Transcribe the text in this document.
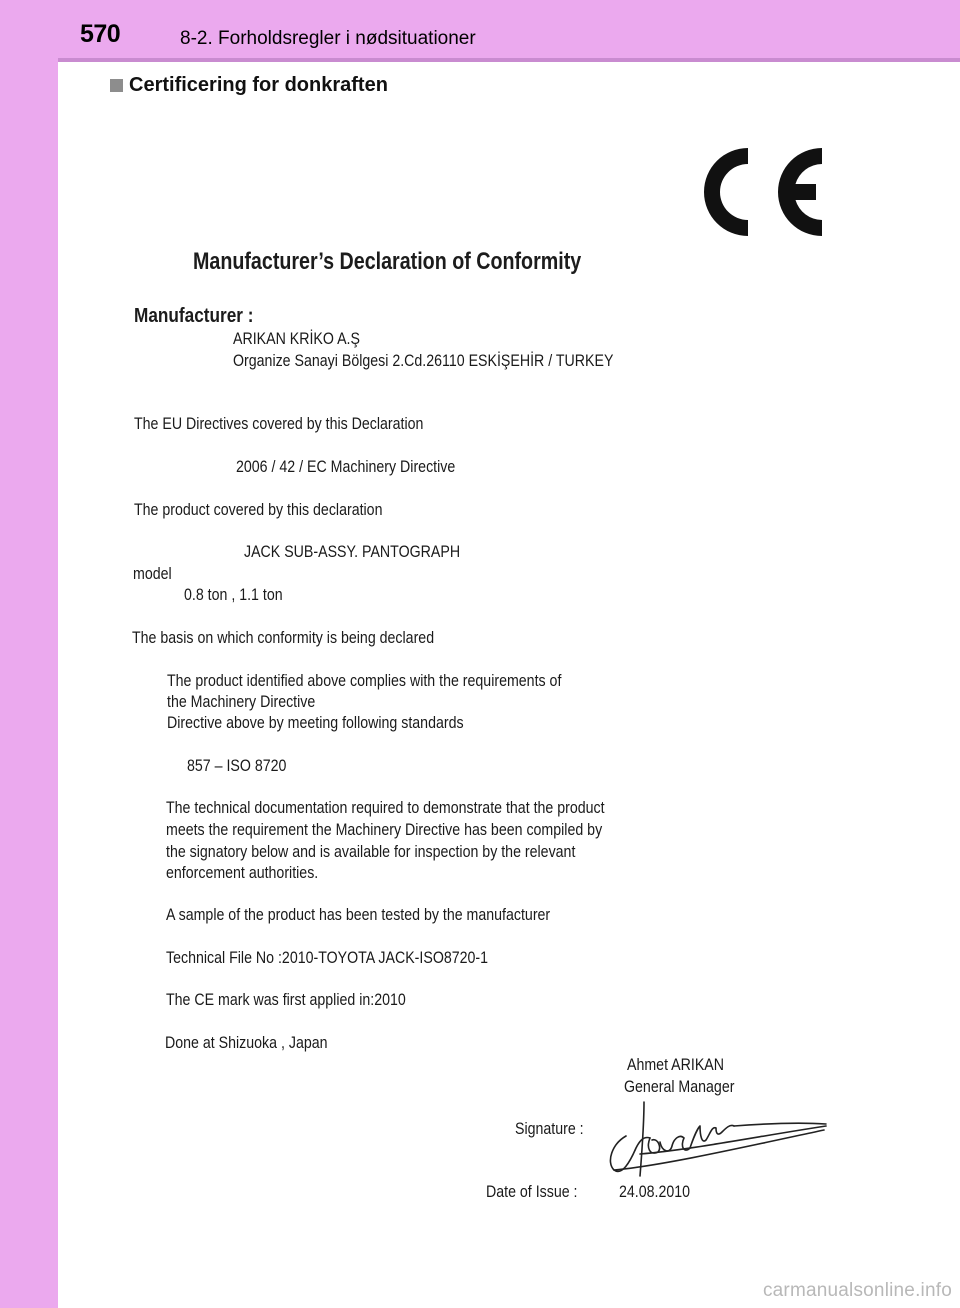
570	8-2. Forholdsregler i nødsituationer
Certificering for donkraften
Manufacturer’s Declaration of Conformity
Manufacturer :
ARIKAN KRİKO A.Ş
Organize Sanayi Bölgesi 2.Cd.26110 ESKİŞEHİR / TURKEY
The EU Directives covered by this Declaration
2006 / 42 / EC Machinery Directive
The product covered by this declaration
JACK SUB-ASSY. PANTOGRAPH
model
0.8 ton , 1.1 ton
The basis on which conformity is being declared
The product identified above complies with the requirements of
the Machinery Directive
Directive above by meeting following standards
857 – ISO 8720
The technical documentation required to demonstrate that the product
meets the requirement the Machinery Directive has been compiled by
the signatory below and is available for inspection by the relevant
enforcement authorities.
A sample of the product has been tested by the manufacturer
Technical File No :2010-TOYOTA JACK-ISO8720-1
The CE mark was first applied in:2010
Done at Shizuoka , Japan
Ahmet ARIKAN
General Manager
Signature :
Date of Issue :	24.08.2010
carmanualsonline.info
